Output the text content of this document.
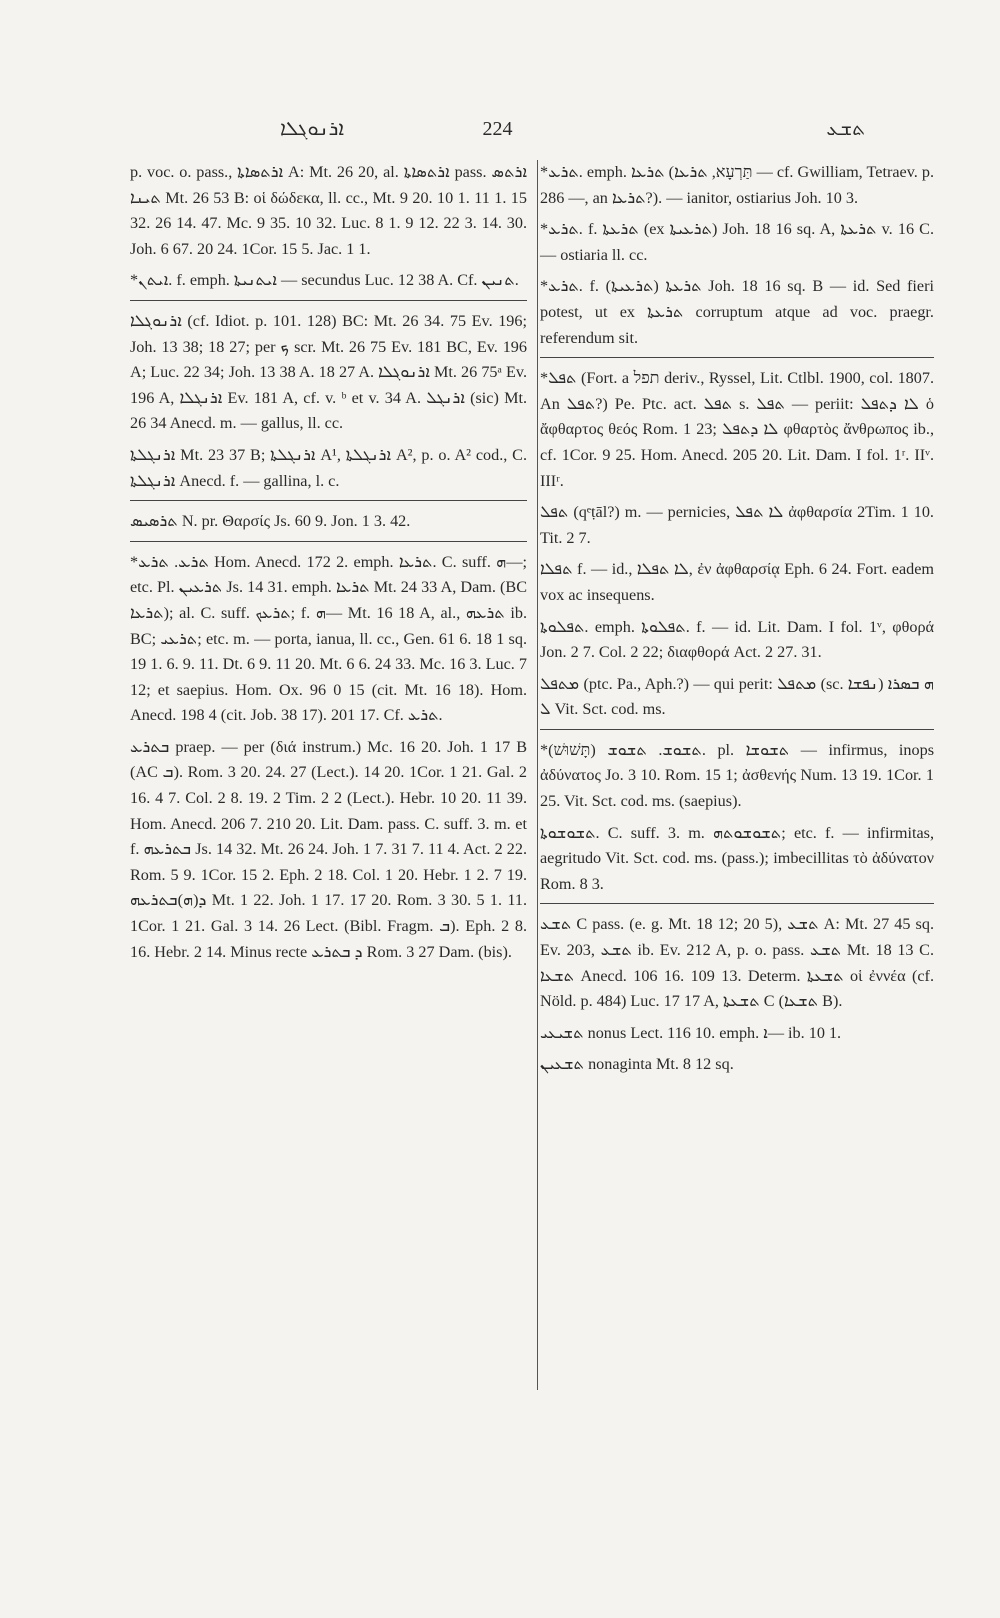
ܐܪܢܘܓܠܐ	224	ܬܫܥ

p. voc. o. pass., ܐܪܬܣܐܬܐ A: Mt. 26 20, al. ܐܪܬܣܐܬܐ pass. ܐܪܬܣ ܬܝܢܐ Mt. 26 53 B: οἱ δώδεκα, ll. cc., Mt. 9 20. 10 1. 11 1. 15 32. 26 14. 47. Mc. 9 35. 10 32. Luc. 8 1. 9 12. 22 3. 14. 30. Joh. 6 67. 20 24. 1Cor. 15 5. Jac. 1 1.

*ܐܝܬܢ. f. emph. ܐܝܬܢܝܬܐ — secundus Luc. 12 38 A. Cf. ܬܢܝܢ.

ܐܪܢܘܓܠܐ (cf. Idiot. p. 101. 128) BC: Mt. 26 34. 75 Ev. 196; Joh. 13 38; 18 27; per ܟ scr. Mt. 26 75 Ev. 181 BC, Ev. 196 A; Luc. 22 34; Joh. 13 38 A. 18 27 A. ܐܪܢܘܓܠܐ Mt. 26 75ᵃ Ev. 196 A, ܐܪܢܓܠܐ Ev. 181 A, cf. v. ᵇ et v. 34 A. ܐܪܢܓܠ (sic) Mt. 26 34 Anecd. m. — gallus, ll. cc.

ܐܪܢܓܠܬܐ Mt. 23 37 B; ܐܪܢܓܠܬܐ A¹, ܐܪܢܓܠܬܐ A², p. o. A² cod., C. ܐܪܢܓܠܬܐ Anecd. f. — gallina, l. c.

ܬܪܣܝܣ N. pr. Θαρσίς Js. 60 9. Jon. 1 3. 42.

*ܬܪܥ. ܬܪܥ Hom. Anecd. 172 2. emph. ܬܪܥܐ. C. suff. ܗ—; etc. Pl. ܬܪܥܝܢ Js. 14 31. emph. ܬܪܥܐ Mt. 24 33 A, Dam. (BC ܬܪܥܐ); al. C. suff. ܬܪܥܟ; f. ܗ— Mt. 16 18 A, al., ܬܪܥܗ ib. BC; ܬܪܥܝ; etc. m. — porta, ianua, ll. cc., Gen. 61 6. 18 1 sq. 19 1. 6. 9. 11. Dt. 6 9. 11 20. Mt. 6 6. 24 33. Mc. 16 3. Luc. 7 12; et saepius. Hom. Ox. 96 0 15 (cit. Mt. 16 18). Hom. Anecd. 198 4 (cit. Job. 38 17). 201 17. Cf. ܬܪܥ.

ܒܬܪܥ praep. — per (διά instrum.) Mc. 16 20. Joh. 1 17 B (AC ܒ). Rom. 3 20. 24. 27 (Lect.). 14 20. 1Cor. 1 21. Gal. 2 16. 4 7. Col. 2 8. 19. 2 Tim. 2 2 (Lect.). Hebr. 10 20. 11 39. Hom. Anecd. 206 7. 210 20. Lit. Dam. pass. C. suff. 3. m. et f. ܒܬܪܥܗ Js. 14 32. Mt. 26 24. Joh. 1 7. 31 7. 11 4. Act. 2 22. Rom. 5 9. 1Cor. 15 2. Eph. 2 18. Col. 1 20. Hebr. 1 2. 7 19. ܕ(ܗ)ܒܬܪܥܗ Mt. 1 22. Joh. 1 17. 17 20. Rom. 3 30. 5 1. 11. 1Cor. 1 21. Gal. 3 14. 26 Lect. (Bibl. Fragm. ܒ). Eph. 2 8. 16. Hebr. 2 14. Minus recte ܕ ܒܬܪܥ Rom. 3 27 Dam. (bis).

*ܬܪܥ. emph. ܬܪܥܐ (תַּרְעָא, ܬܪܥܐ — cf. Gwilliam, Tetraev. p. 286 —, an ܬܪܥܐ?). — ianitor, ostiarius Joh. 10 3.

*ܬܪܥ. f. ܬܪܥܬܐ (ex ܬܪܥܝܬܐ) Joh. 18 16 sq. A, ܬܪܥܬܐ v. 16 C. — ostiaria ll. cc.

*ܬܪܥ. f. ܬܪܥܬܐ (ܬܪܥܝܬܐ) Joh. 18 16 sq. B — id. Sed fieri potest, ut ex ܬܪܥܬܐ corruptum atque ad voc. praegr. referendum sit.

*ܬܦܠ (Fort. a תפל deriv., Ryssel, Lit. Ctlbl. 1900, col. 1807. An ܬܦܠ?) Pe. Ptc. act. ܬܦܠ s. ܬܦܠ — periit: ܠܐ ܕܬܦܠ ὁ ἄφθαρτος θεός Rom. 1 23; ܠܐ ܕܬܦܠ φθαρτὸς ἄνθρωπος ib., cf. 1Cor. 9 25. Hom. Anecd. 205 20. Lit. Dam. I fol. 1ʳ. IIᵛ. IIIʳ.

ܬܦܠ (qᵉṭāl?) m. — pernicies, ܠܐ ܬܦܠ ἀφθαρσία 2Tim. 1 10. Tit. 2 7.

ܬܦܠܐ f. — id., ܠܐ ܬܦܠܐ, ἐν ἀφθαρσίᾳ Eph. 6 24. Fort. eadem vox ac insequens.

ܬܦܠܘܬܐ. emph. ܬܦܠܘܬܐ. f. — id. Lit. Dam. I fol. 1ᵛ, φθορά Jon. 2 7. Col. 2 22; διαφθορά Act. 2 27. 31.

ܡܬܦܠ (ptc. Pa., Aph.?) — qui perit: ܡܬܦܠ (sc. ܢܦܫܐ) ܗ ܒܣܪܐ ܠ Vit. Sct. cod. ms.

*ܬܫܘܫ. ܬܫܘܫ (תָּשׁוּשׁ). pl. ܬܫܘܫܐ — infirmus, inops ἀδύνατος Jo. 3 10. Rom. 15 1; ἀσθενής Num. 13 19. 1Cor. 1 25. Vit. Sct. cod. ms. (saepius).

ܬܫܘܫܘܬܐ. C. suff. 3. m. ܬܫܘܫܘܬܗ; etc. f. — infirmitas, aegritudo Vit. Sct. cod. ms. (pass.); imbecillitas τὸ ἀδύνατον Rom. 8 3.

ܬܫܥ C pass. (e. g. Mt. 18 12; 20 5), ܬܫܥ A: Mt. 27 45 sq. Ev. 203, ܬܫܥ ib. Ev. 212 A, p. o. pass. ܬܫܥ Mt. 18 13 C. ܬܫܥܐ Anecd. 106 16. 109 13. Determ. ܬܫܥܬܐ οἱ ἐννέα (cf. Nöld. p. 484) Luc. 17 17 A, ܬܫܥܬܐ C (ܬܫܥܐ B).

ܬܫܝܥܝ nonus Lect. 116 10. emph. ܐ— ib. 10 1.

ܬܫܥܝܢ nonaginta Mt. 8 12 sq.
